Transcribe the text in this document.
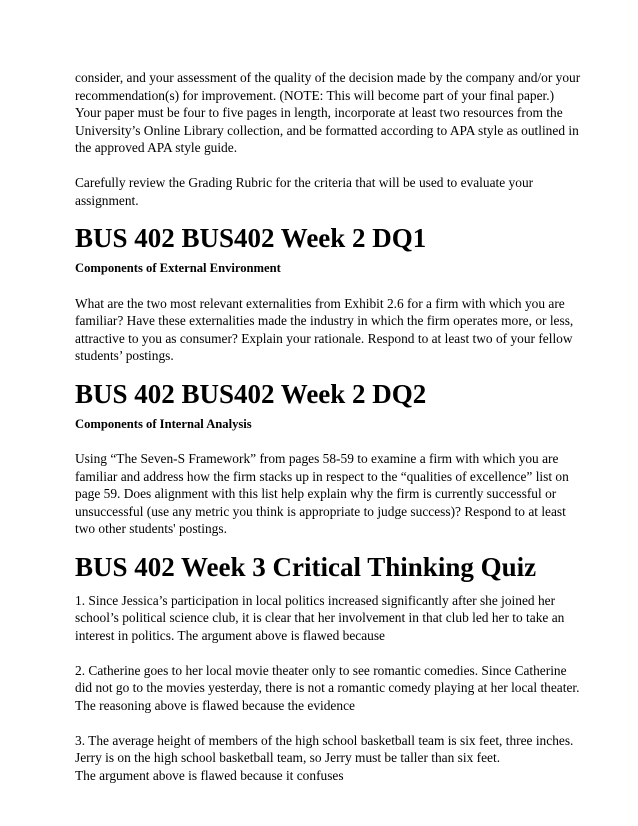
consider, and your assessment of the quality of the decision made by the company and/or your recommendation(s) for improvement. (NOTE: This will become part of your final paper.) Your paper must be four to five pages in length, incorporate at least two resources from the University’s Online Library collection, and be formatted according to APA style as outlined in the approved APA style guide.

Carefully review the Grading Rubric for the criteria that will be used to evaluate your assignment.

BUS 402 BUS402 Week 2 DQ1

Components of External Environment

What are the two most relevant externalities from Exhibit 2.6 for a firm with which you are familiar? Have these externalities made the industry in which the firm operates more, or less, attractive to you as consumer? Explain your rationale. Respond to at least two of your fellow students’ postings.

BUS 402 BUS402 Week 2 DQ2

Components of Internal Analysis

Using “The Seven-S Framework” from pages 58-59 to examine a firm with which you are familiar and address how the firm stacks up in respect to the “qualities of excellence” list on page 59. Does alignment with this list help explain why the firm is currently successful or unsuccessful (use any metric you think is appropriate to judge success)? Respond to at least two other students' postings.

BUS 402 Week 3 Critical Thinking Quiz

1. Since Jessica’s participation in local politics increased significantly after she joined her school’s political science club, it is clear that her involvement in that club led her to take an interest in politics. The argument above is flawed because

2. Catherine goes to her local movie theater only to see romantic comedies. Since Catherine did not go to the movies yesterday, there is not a romantic comedy playing at her local theater.
The reasoning above is flawed because the evidence

3. The average height of members of the high school basketball team is six feet, three inches.
Jerry is on the high school basketball team, so Jerry must be taller than six feet.
The argument above is flawed because it confuses
